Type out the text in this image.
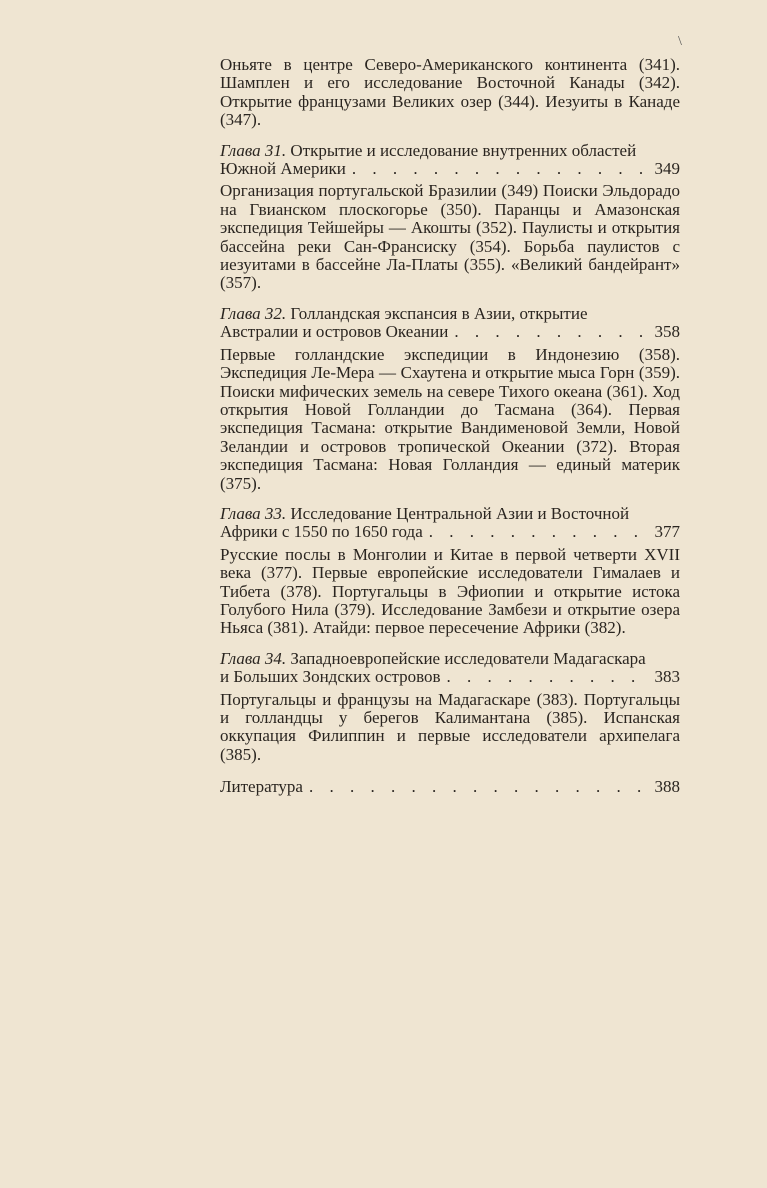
\

Оньяте в центре Северо-Американского континента (341). Шамплен и его исследование Восточной Канады (342). Открытие французами Великих озер (344). Иезуиты в Канаде (347).

Глава 31. Открытие и исследование внутренних областей
Южной Америки . . .	349

Организация португальской Бразилии (349) Поиски Эльдорадо на Гвианском плоскогорье (350). Паранцы и Амазонская экспедиция Тейшейры — Акошты (352). Паулисты и открытия бассейна реки Сан-Франсиску (354). Борьба паулистов с иезуитами в бассейне Ла-Платы (355). «Великий бандейрант» (357).

Глава 32. Голландская экспансия в Азии, открытие
Австралии и островов Океании . . .	358

Первые голландские экспедиции в Индонезию (358). Экспедиция Ле-Мера — Схаутена и открытие мыса Горн (359). Поиски мифических земель на севере Тихого океана (361). Ход открытия Новой Голландии до Тасмана (364). Первая экспедиция Тасмана: открытие Вандименовой Земли, Новой Зеландии и островов тропической Океании (372). Вторая экспедиция Тасмана: Новая Голландия — единый материк (375).

Глава 33. Исследование Центральной Азии и Восточной
Африки с 1550 по 1650 года . . .	377

Русские послы в Монголии и Китае в первой четверти XVII века (377). Первые европейские исследователи Гималаев и Тибета (378). Португальцы в Эфиопии и открытие истока Голубого Нила (379). Исследование Замбези и открытие озера Ньяса (381). Атайди: первое пересечение Африки (382).

Глава 34. Западноевропейские исследователи Мадагаскара
и Больших Зондских островов . . .	383

Португальцы и французы на Мадагаскаре (383). Португальцы и голландцы у берегов Калимантана (385). Испанская оккупация Филиппин и первые исследователи архипелага (385).

Литература . . .	388
